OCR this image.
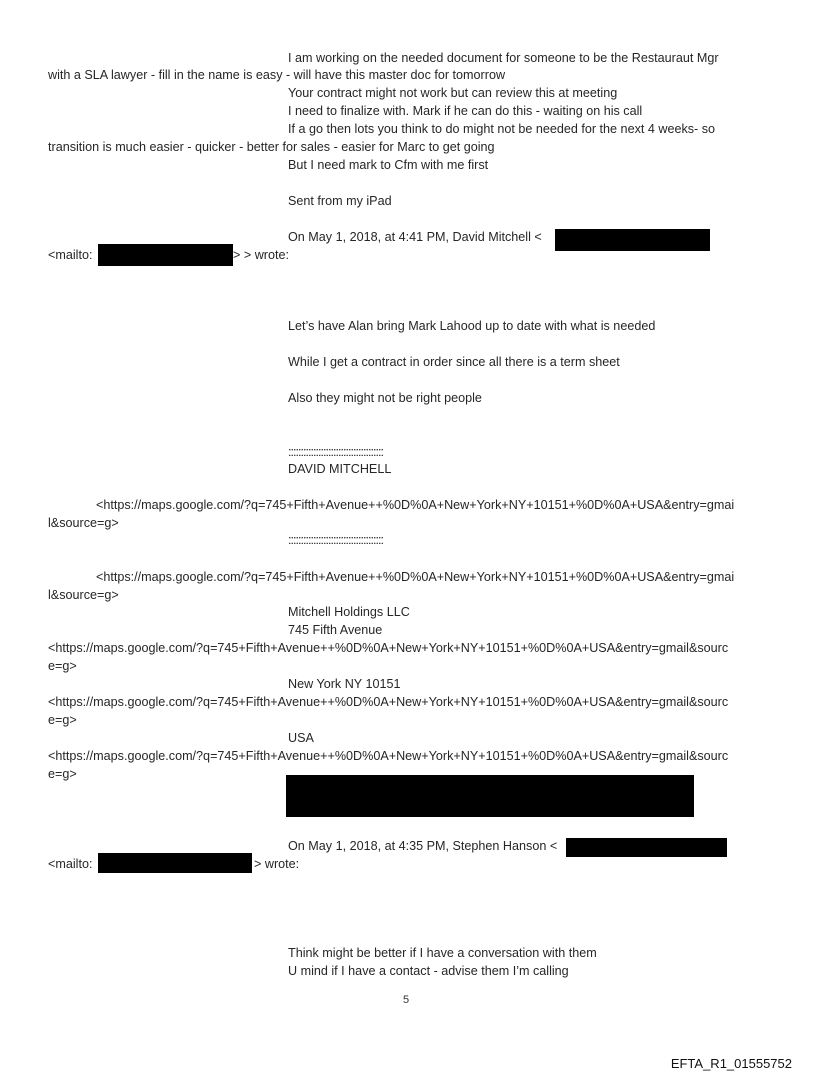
I am working on the needed document for someone to be the Restauraut Mgr
with a SLA lawyer - fill in the name is easy - will have this master doc for tomorrow
Your contract might not work but can review this at meeting
I need to finalize with. Mark if he can do this - waiting on his call
If a go then lots you think to do might not be needed for the next 4 weeks- so
transition is much easier - quicker - better for sales - easier for Marc to get going
But I need mark to Cfm with me first
Sent from my iPad
On May 1, 2018, at 4:41 PM, David Mitchell <
<mailto:	> > wrote:
Let’s have Alan bring Mark Lahood up to date with what is needed
While I get a contract in order since all there is a term sheet
Also they might not be right people
::::::::::::::::::::::::::::::::::::::
DAVID MITCHELL
<https://maps.google.com/?q=745+Fifth+Avenue++%0D%0A+New+York+NY+10151+%0D%0A+USA&entry=gmai
l&source=g>
::::::::::::::::::::::::::::::::::::::
<https://maps.google.com/?q=745+Fifth+Avenue++%0D%0A+New+York+NY+10151+%0D%0A+USA&entry=gmai
l&source=g>
Mitchell Holdings LLC
745 Fifth Avenue
<https://maps.google.com/?q=745+Fifth+Avenue++%0D%0A+New+York+NY+10151+%0D%0A+USA&entry=gmail&sourc
e=g>
New York NY 10151
<https://maps.google.com/?q=745+Fifth+Avenue++%0D%0A+New+York+NY+10151+%0D%0A+USA&entry=gmail&sourc
e=g>
USA
<https://maps.google.com/?q=745+Fifth+Avenue++%0D%0A+New+York+NY+10151+%0D%0A+USA&entry=gmail&sourc
e=g>
On May 1, 2018, at 4:35 PM, Stephen Hanson <
<mailto:	> wrote:
Think might be better if I have a conversation with them
U mind if I have a contact - advise them I’m calling
5
EFTA_R1_01555752
